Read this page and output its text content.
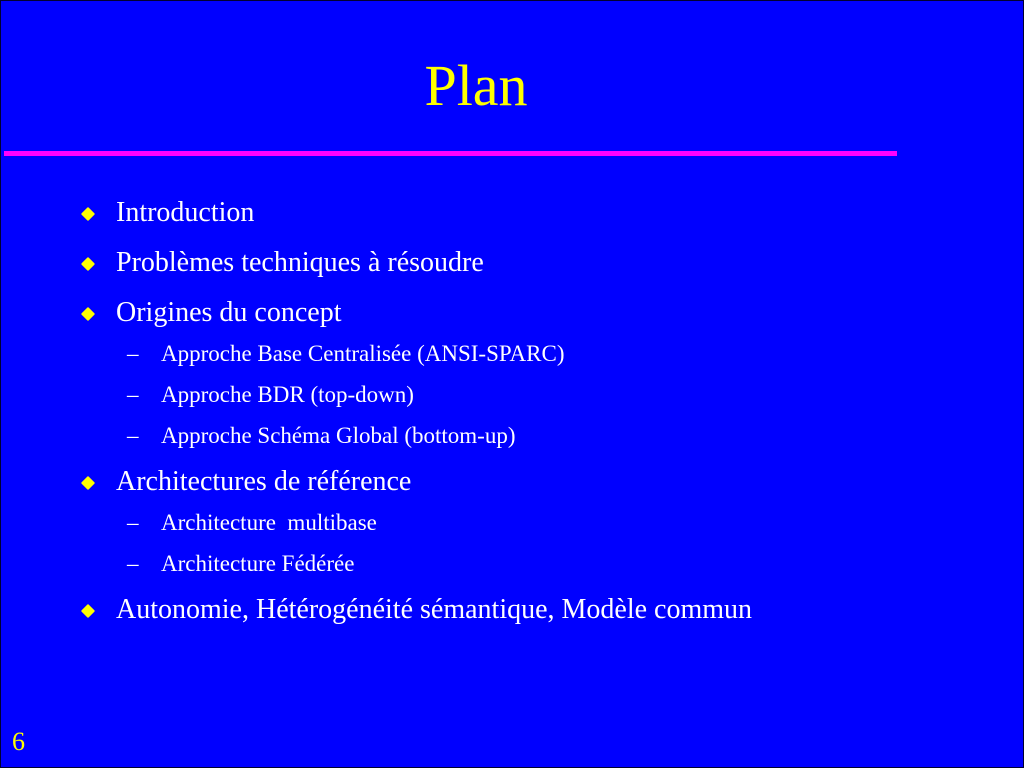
Plan
Introduction
Problèmes techniques à résoudre
Origines du concept
– Approche Base Centralisée (ANSI-SPARC)
– Approche BDR (top-down)
– Approche Schéma Global (bottom-up)
Architectures de référence
– Architecture  multibase
– Architecture Fédérée
Autonomie, Hétérogénéité sémantique, Modèle commun
6
